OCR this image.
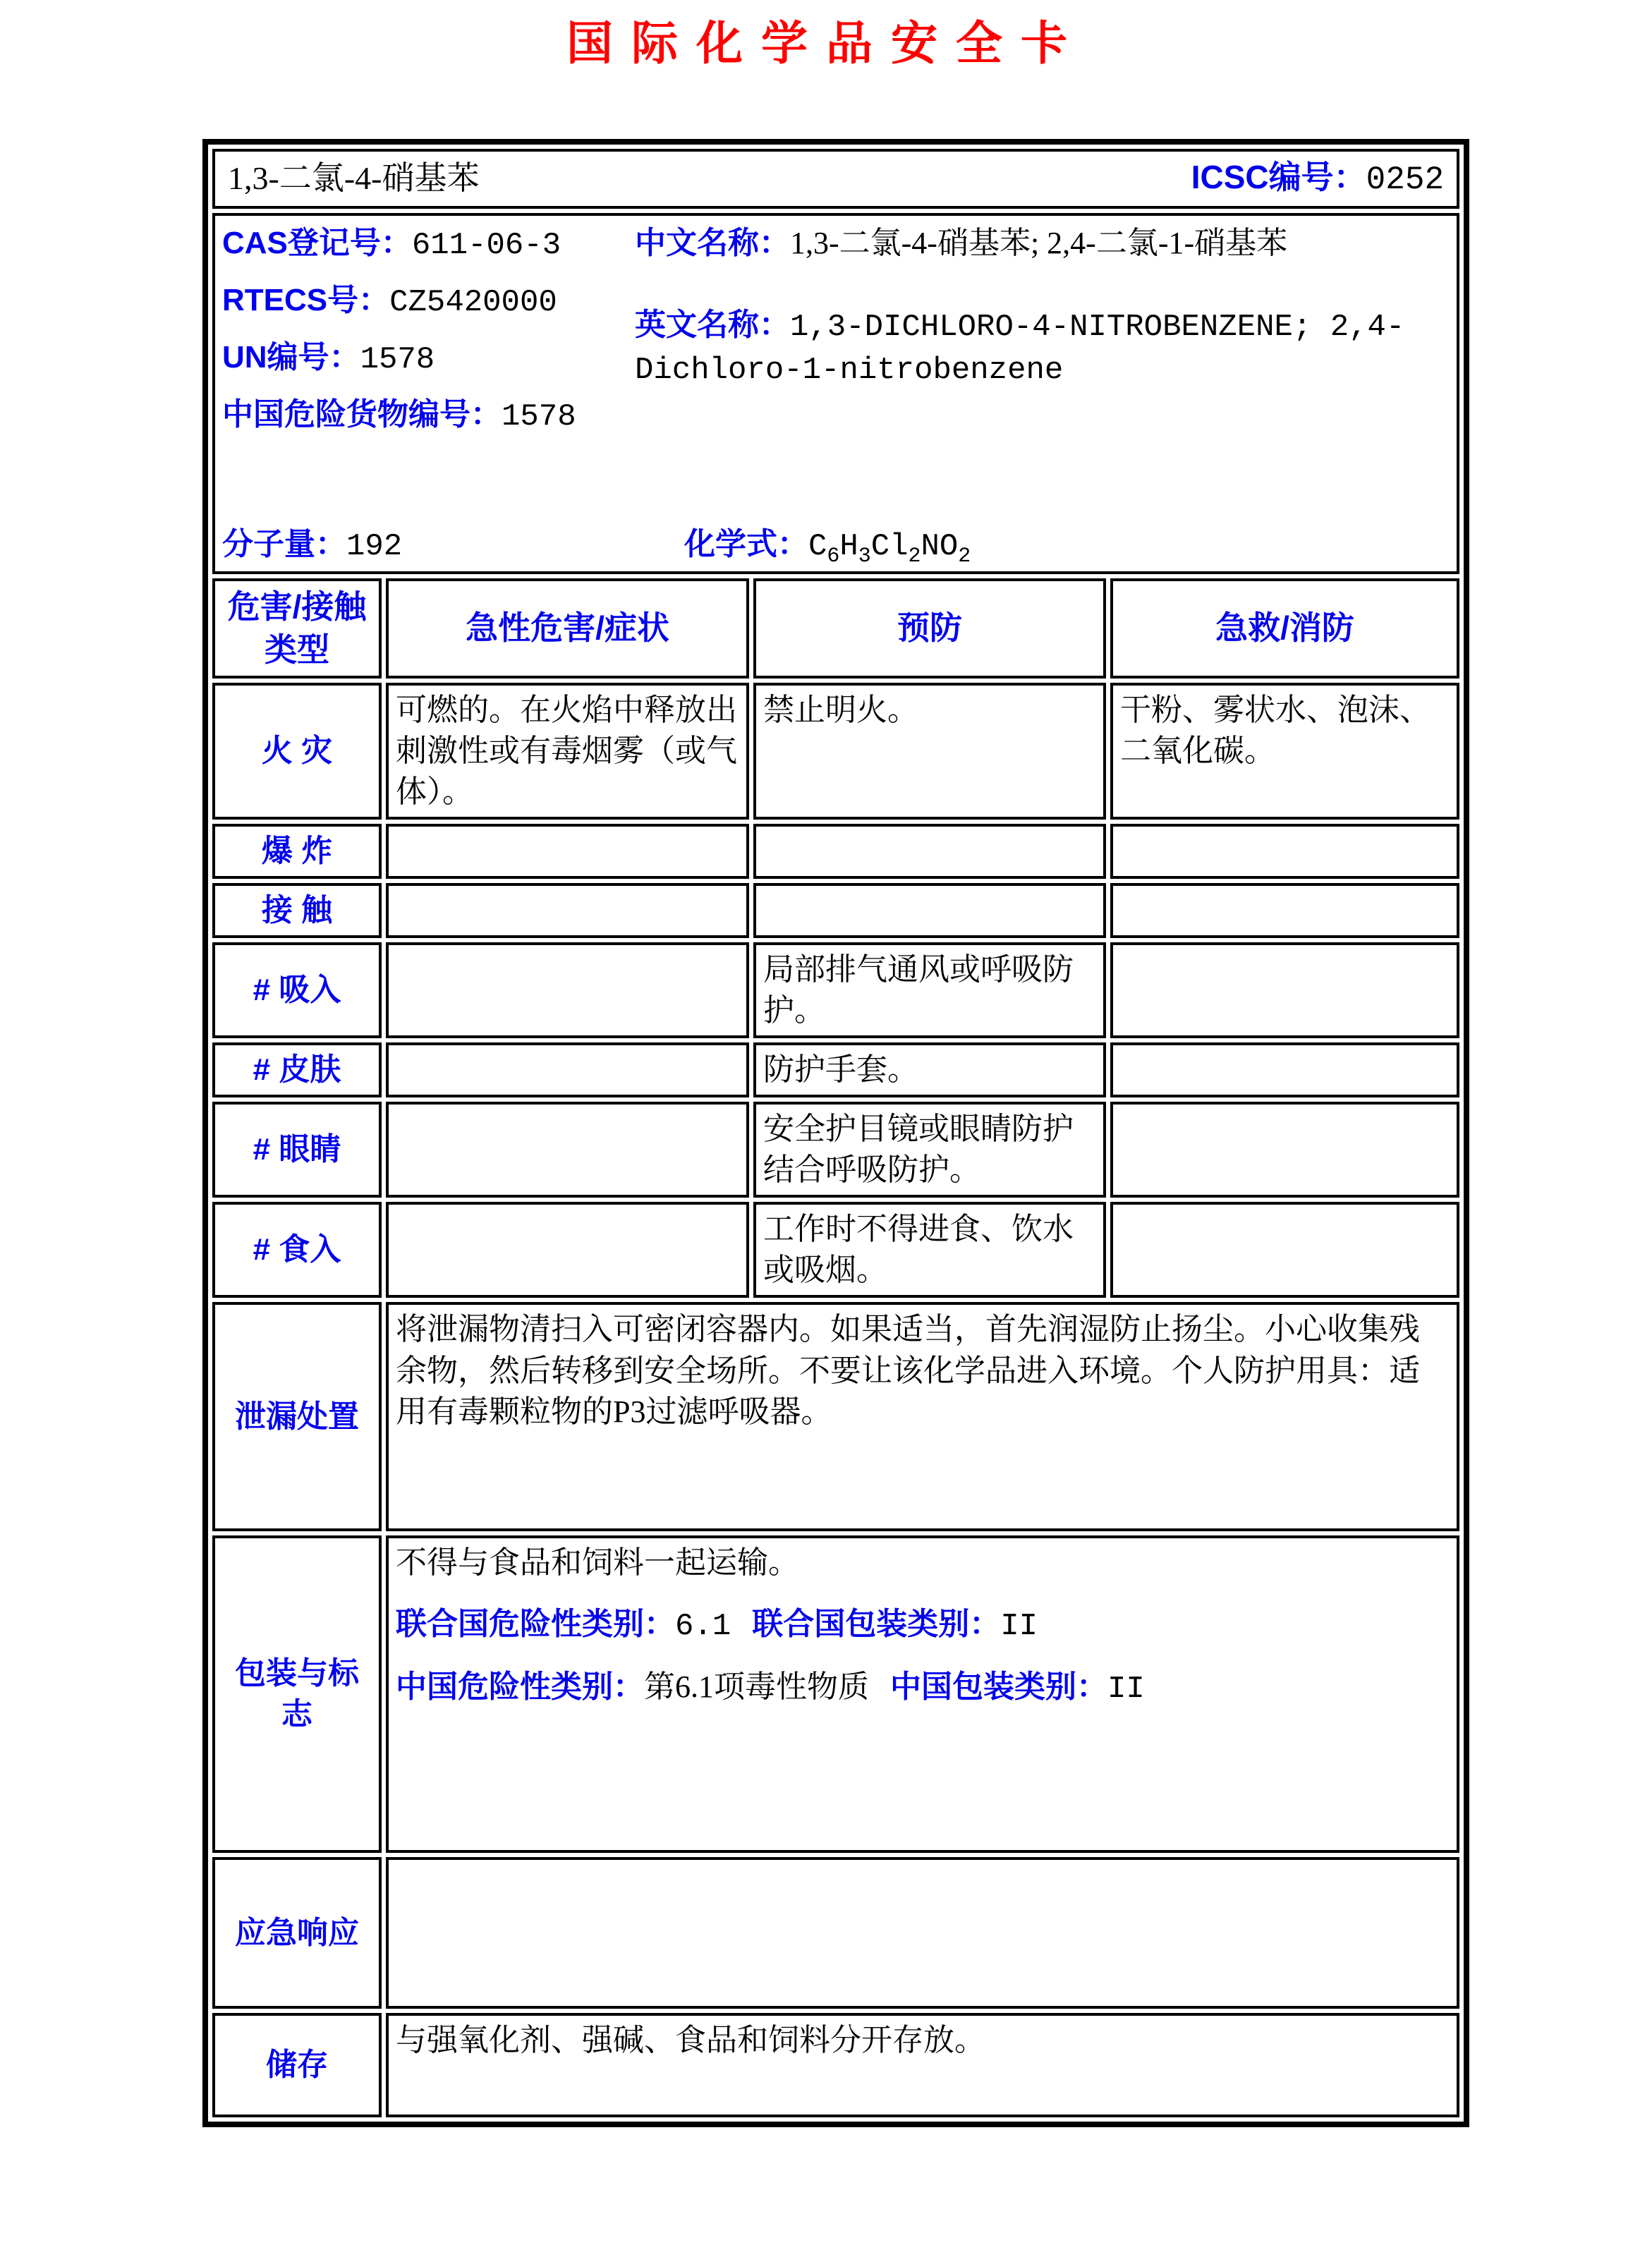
国际化学品安全卡
1,3-二氯-4-硝基苯 ICSC编号：0252			

CAS登记号：611-06-3
RTECS号：CZ5420000
UN编号：1578
中国危险货物编号：1578

中文名称：1,3-二氯-4-硝基苯; 2,4-二氯-1-硝基苯

英文名称：1,3-DICHLORO-4-NITROBENZENE; 2,4-Dichloro-1-nitrobenzene

分子量：192	化学式：$C_6H_3Cl_2NO_2$

危害/接触
类型	急性危害/症状	预防	急救/消防
火 灾	可燃的。在火焰中释放出刺激性或有毒烟雾（或气体）。	禁止明火。	干粉、雾状水、泡沫、二氧化碳。
爆 炸			
接 触			
# 吸入		局部排气通风或呼吸防护。	
# 皮肤		防护手套。	
# 眼睛		安全护目镜或眼睛防护结合呼吸防护。	
# 食入		工作时不得进食、饮水或吸烟。	
泄漏处置	将泄漏物清扫入可密闭容器内。如果适当，首先润湿防止扬尘。小心收集残余物，然后转移到安全场所。不要让该化学品进入环境。个人防护用具：适用有毒颗粒物的P3过滤呼吸器。		
包装与标志	不得与食品和饲料一起运输。

联合国危险性类别：6.1 联合国包装类别：II

中国危险性类别：第6.1项毒性物质 中国包装类别：II		

应急响应			
储存	与强氧化剂、强碱、食品和饲料分开存放。		
